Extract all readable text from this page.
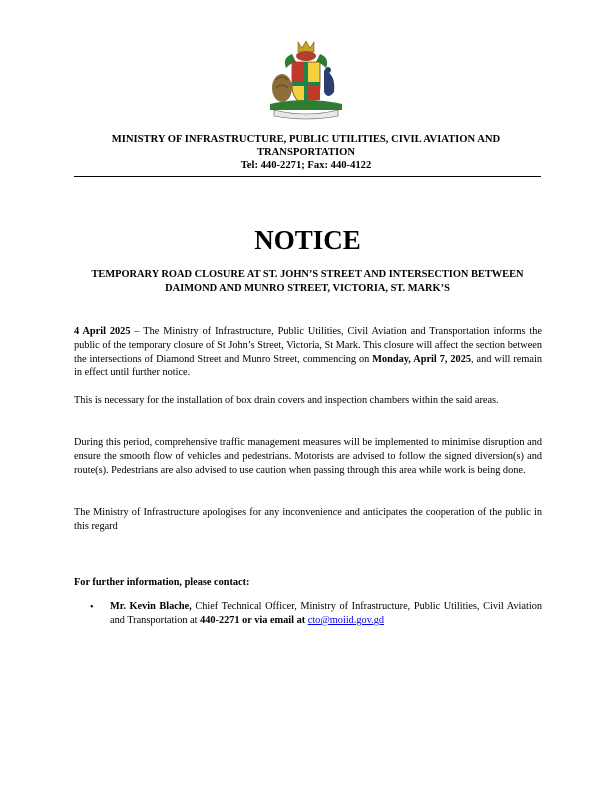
MINISTRY OF INFRASTRUCTURE, PUBLIC UTILITIES, CIVIL AVIATION AND TRANSPORTATION
Tel: 440-2271; Fax: 440-4122
NOTICE
TEMPORARY ROAD CLOSURE AT ST. JOHN’S STREET AND INTERSECTION BETWEEN DAIMOND AND MUNRO STREET, VICTORIA, ST. MARK’S

4 April 2025 – The Ministry of Infrastructure, Public Utilities, Civil Aviation and Transportation informs the public of the temporary closure of St John’s Street, Victoria, St Mark. This closure will affect the section between the intersections of Diamond Street and Munro Street, commencing on Monday, April 7, 2025, and will remain in effect until further notice.

This is necessary for the installation of box drain covers and inspection chambers within the said areas.

During this period, comprehensive traffic management measures will be implemented to minimise disruption and ensure the smooth flow of vehicles and pedestrians. Motorists are advised to follow the signed diversion(s) and route(s). Pedestrians are also advised to use caution when passing through this area while work is being done.

The Ministry of Infrastructure apologises for any inconvenience and anticipates the cooperation of the public in this regard

For further information, please contact:
• Mr. Kevin Blache, Chief Technical Officer, Ministry of Infrastructure, Public Utilities, Civil Aviation and Transportation at 440-2271 or via email at cto@moiid.gov.gd
